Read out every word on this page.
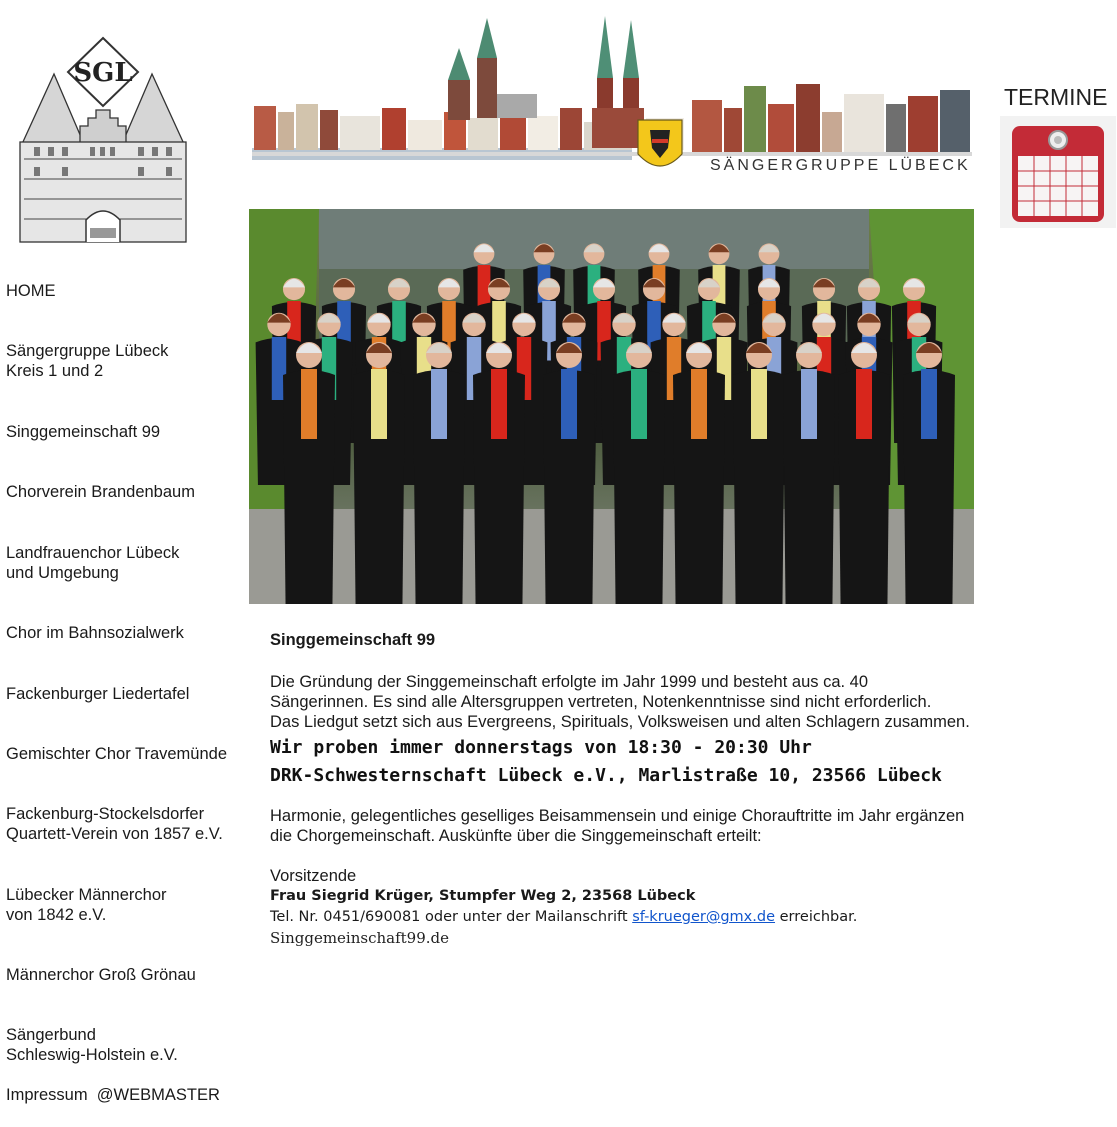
SGL
SÄNGERGRUPPE LÜBECK
TERMINE
HOME
Sängergruppe Lübeck
Kreis 1 und 2
Singgemeinschaft 99
Chorverein Brandenbaum
Landfrauenchor Lübeck
und Umgebung
Chor im Bahnsozialwerk
Fackenburger Liedertafel
Gemischter Chor Travemünde
Fackenburg-Stockelsdorfer
Quartett-Verein von 1857 e.V.
Lübecker Männerchor
von 1842 e.V.
Männerchor Groß Grönau
Sängerbund
Schleswig-Holstein e.V.
Impressum @WEBMASTER
Singgemeinschaft 99

Die Gründung der Singgemeinschaft erfolgte im Jahr 1999 und besteht aus ca. 40 Sängerinnen. Es sind alle Altersgruppen vertreten, Notenkenntnisse sind nicht erforderlich.

Das Liedgut setzt sich aus Evergreens, Spirituals, Volksweisen und alten Schlagern zusammen.

Wir proben immer donnerstags von 18:30 - 20:30 Uhr
DRK-Schwesternschaft Lübeck e.V., Marlistraße 10, 23566 Lübeck

Harmonie, gelegentliches geselliges Beisammensein und einige Chorauftritte im Jahr ergänzen die Chorgemeinschaft. Auskünfte über die Singgemeinschaft erteilt:

Vorsitzende

Frau Siegrid Krüger, Stumpfer Weg 2, 23568 Lübeck
Tel. Nr. 0451/690081 oder unter der Mailanschrift sf-krueger@gmx.de erreichbar.
Singgemeinschaft99.de
